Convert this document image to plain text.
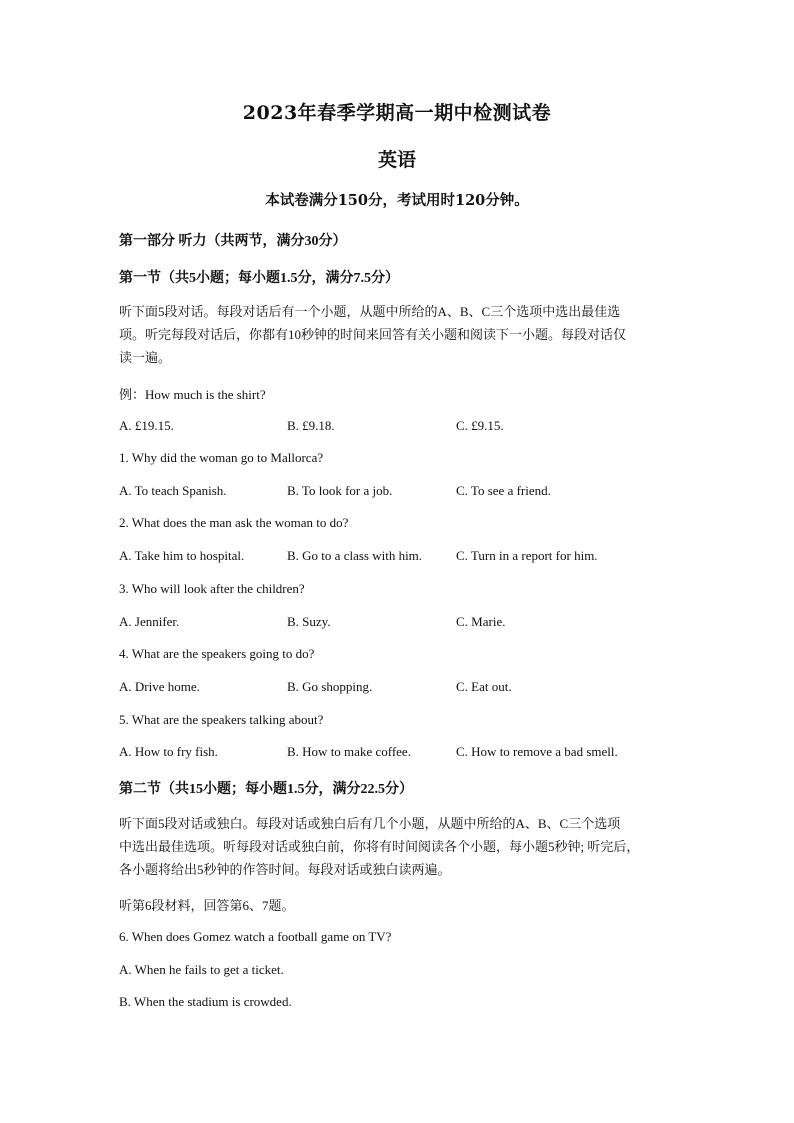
2023年春季学期高一期中检测试卷
英语
本试卷满分150分，考试用时120分钟。
第一部分 听力（共两节，满分30分）
第一节（共5小题；每小题1.5分，满分7.5分）
听下面5段对话。每段对话后有一个小题，从题中所给的A、B、C三个选项中选出最佳选
项。听完每段对话后，你都有10秒钟的时间来回答有关小题和阅读下一小题。每段对话仅
读一遍。
例：How much is the shirt?
A. £19.15.	B. £9.18.	C. £9.15.
1. Why did the woman go to Mallorca?
A. To teach Spanish.	B. To look for a job.	C. To see a friend.
2. What does the man ask the woman to do?
A. Take him to hospital.	B. Go to a class with him.	C. Turn in a report for him.
3. Who will look after the children?
A. Jennifer.	B. Suzy.	C. Marie.
4. What are the speakers going to do?
A. Drive home.	B. Go shopping.	C. Eat out.
5. What are the speakers talking about?
A. How to fry fish.	B. How to make coffee.	C. How to remove a bad smell.
第二节（共15小题；每小题1.5分，满分22.5分）
听下面5段对话或独白。每段对话或独白后有几个小题，从题中所给的A、B、C三个选项
中选出最佳选项。听每段对话或独白前，你将有时间阅读各个小题，每小题5秒钟; 听完后，
各小题将给出5秒钟的作答时间。每段对话或独白读两遍。
听第6段材料，回答第6、7题。
6. When does Gomez watch a football game on TV?
A. When he fails to get a ticket.
B. When the stadium is crowded.
